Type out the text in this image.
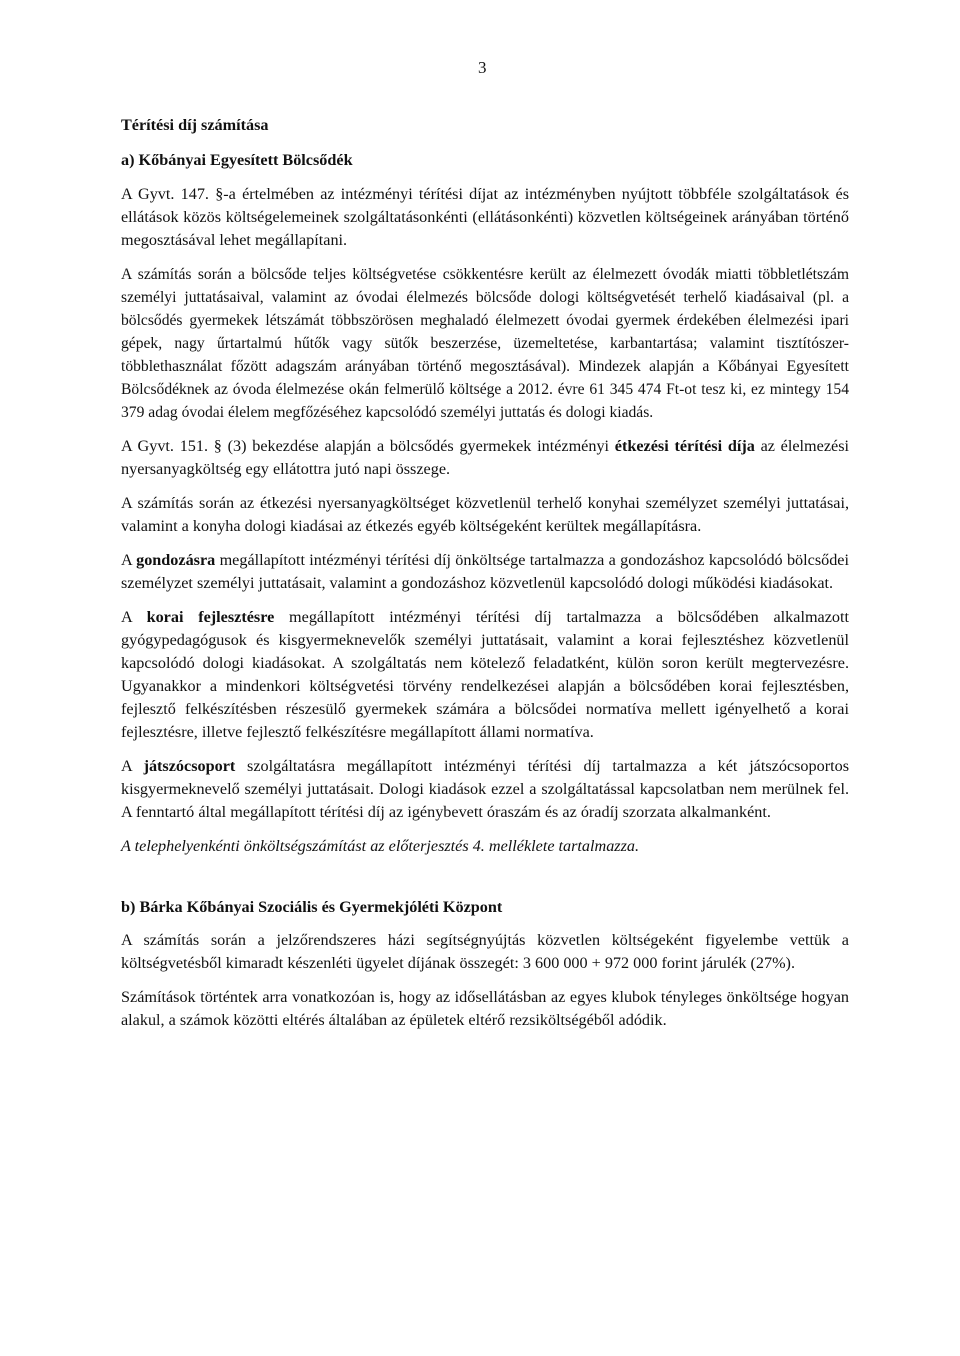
3
Térítési díj számítása
a) Kőbányai Egyesített Bölcsődék

A Gyvt. 147. §-a értelmében az intézményi térítési díjat az intézményben nyújtott többféle szolgáltatások és ellátások közös költségelemeinek szolgáltatásonkénti (ellátásonkénti) közvetlen költségeinek arányában történő megosztásával lehet megállapítani.

A számítás során a bölcsőde teljes költségvetése csökkentésre került az élelmezett óvodák miatti többletlétszám személyi juttatásaival, valamint az óvodai élelmezés bölcsőde dologi költségvetését terhelő kiadásaival (pl. a bölcsődés gyermekek létszámát többszörösen meghaladó élelmezett óvodai gyermek érdekében élelmezési ipari gépek, nagy űrtartalmú hűtők vagy sütők beszerzése, üzemeltetése, karbantartása; valamint tisztítószer-többlethasználat főzött adagszám arányában történő megosztásával). Mindezek alapján a Kőbányai Egyesített Bölcsődéknek az óvoda élelmezése okán felmerülő költsége a 2012. évre 61 345 474 Ft-ot tesz ki, ez mintegy 154 379 adag óvodai élelem megfőzéséhez kapcsolódó személyi juttatás és dologi kiadás.

A Gyvt. 151. § (3) bekezdése alapján a bölcsődés gyermekek intézményi étkezési térítési díja az élelmezési nyersanyagköltség egy ellátottra jutó napi összege.

A számítás során az étkezési nyersanyagköltséget közvetlenül terhelő konyhai személyzet személyi juttatásai, valamint a konyha dologi kiadásai az étkezés egyéb költségeként kerültek megállapításra.

A gondozásra megállapított intézményi térítési díj önköltsége tartalmazza a gondozáshoz kapcsolódó bölcsődei személyzet személyi juttatásait, valamint a gondozáshoz közvetlenül kapcsolódó dologi működési kiadásokat.

A korai fejlesztésre megállapított intézményi térítési díj tartalmazza a bölcsődében alkalmazott gyógypedagógusok és kisgyermeknevelők személyi juttatásait, valamint a korai fejlesztéshez közvetlenül kapcsolódó dologi kiadásokat. A szolgáltatás nem kötelező feladatként, külön soron került megtervezésre. Ugyanakkor a mindenkori költségvetési törvény rendelkezései alapján a bölcsődében korai fejlesztésben, fejlesztő felkészítésben részesülő gyermekek számára a bölcsődei normatíva mellett igényelhető a korai fejlesztésre, illetve fejlesztő felkészítésre megállapított állami normatíva.

A játszócsoport szolgáltatásra megállapított intézményi térítési díj tartalmazza a két játszócsoportos kisgyermeknevelő személyi juttatásait. Dologi kiadások ezzel a szolgáltatással kapcsolatban nem merülnek fel. A fenntartó által megállapított térítési díj az igénybevett óraszám és az óradíj szorzata alkalmanként.

A telephelyenkénti önköltségszámítást az előterjesztés 4. melléklete tartalmazza.

b) Bárka Kőbányai Szociális és Gyermekjóléti Központ

A számítás során a jelzőrendszeres házi segítségnyújtás közvetlen költségeként figyelembe vettük a költségvetésből kimaradt készenléti ügyelet díjának összegét: 3 600 000 + 972 000 forint járulék (27%).

Számítások történtek arra vonatkozóan is, hogy az idősellátásban az egyes klubok tényleges önköltsége hogyan alakul, a számok közötti eltérés általában az épületek eltérő rezsiköltségéből adódik.
